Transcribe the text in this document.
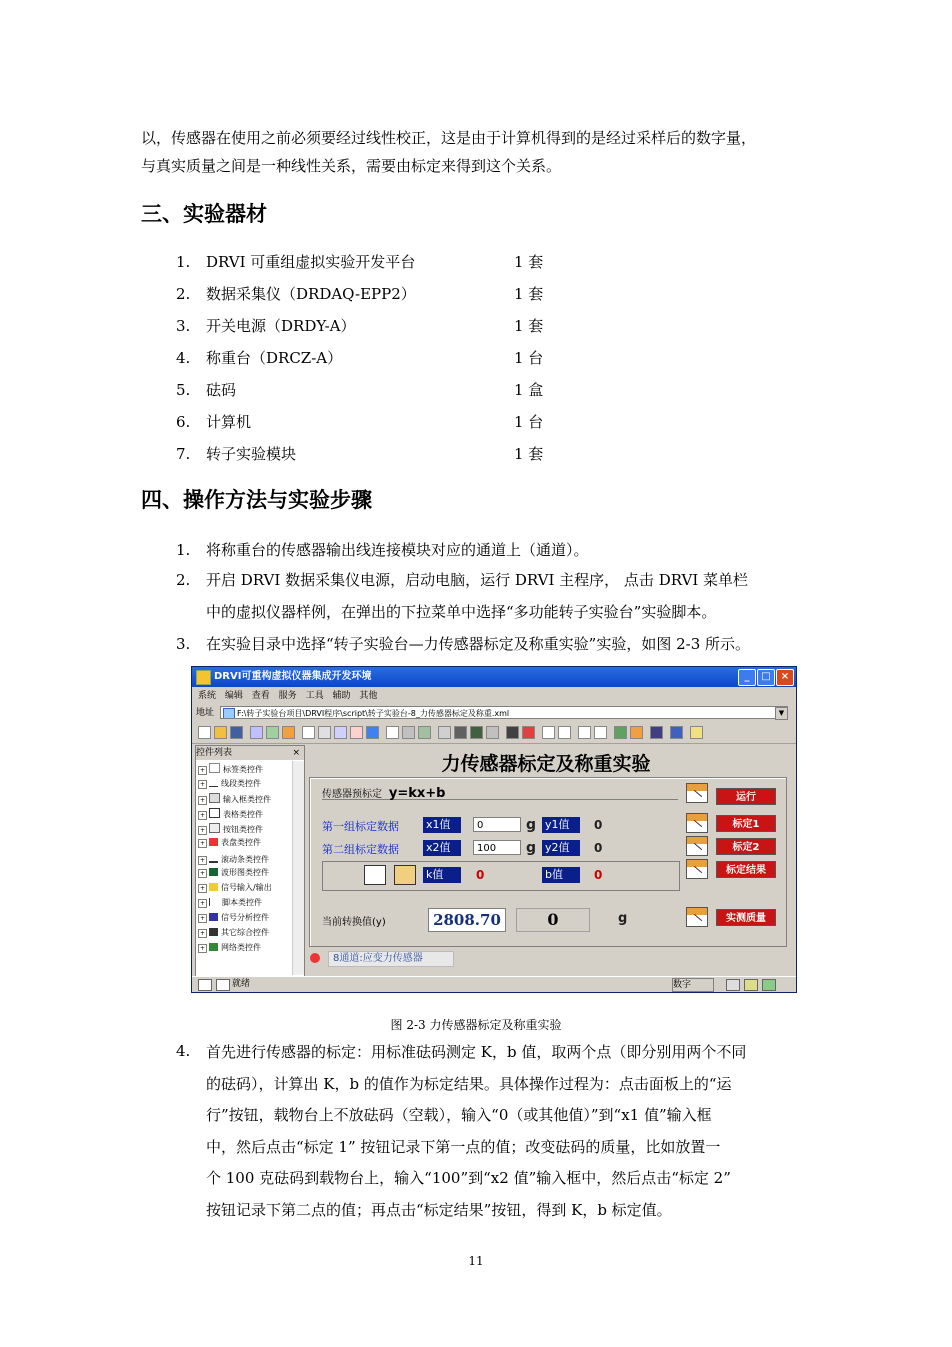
以，传感器在使用之前必须要经过线性校正，这是由于计算机得到的是经过采样后的数字量，
与真实质量之间是一种线性关系，需要由标定来得到这个关系。
三、实验器材
1.	DRVI 可重组虚拟实验开发平台	1 套
2.	数据采集仪（DRDAQ-EPP2）	1 套
3.	开关电源（DRDY-A）	1 套
4.	称重台（DRCZ-A）	1 台
5.	砝码	1 盒
6.	计算机	1 台
7.	转子实验模块	1 套
四、操作方法与实验步骤
1.	将称重台的传感器输出线连接模块对应的通道上（通道）。
2.	开启 DRVI 数据采集仪电源，启动电脑，运行 DRVI 主程序， 点击 DRVI 菜单栏
中的虚拟仪器样例，在弹出的下拉菜单中选择“多功能转子实验台”实验脚本。
3.	在实验目录中选择“转子实验台—力传感器标定及称重实验”实验，如图 2-3 所示。
DRVI可重构虚拟仪器集成开发环境	_	□	×
系统 编辑 查看 服务 工具 辅助 其他
地址	F:\转子实验台项目\DRVI程序\script\转子实验台-8_力传感器标定及称重.xml	▼
控件列表	×
+ 标签类控件
+ 线段类控件
+ 输入框类控件
+ 表格类控件
+ 按钮类控件
+ 表盘类控件
+ 滚动条类控件
+ 波形图类控件
+ 信号输入/输出
+ 脚本类控件
+ 信号分析控件
+ 其它综合控件
+ 网络类控件
力传感器标定及称重实验
传感器预标定 y=kx+b
第一组标定数据 x1值	0	g y1值	0
第二组标定数据 x2值	100	g y2值	0
k值	0	b值	0
当前转换值(y)	2808.70	0	g
运行
标定1
标定2
标定结果
实测质量
8通道:应变力传感器
就绪	数字
图 2-3 力传感器标定及称重实验
4. 首先进行传感器的标定：用标准砝码测定 K，b 值，取两个点（即分别用两个不同
的砝码），计算出 K，b 的值作为标定结果。具体操作过程为：点击面板上的“运
行”按钮，载物台上不放砝码（空载），输入“0（或其他值）”到“x1 值”输入框
中，然后点击“标定 1” 按钮记录下第一点的值；改变砝码的质量，比如放置一
个 100 克砝码到载物台上，输入“100”到“x2 值”输入框中，然后点击“标定 2”
按钮记录下第二点的值；再点击“标定结果”按钮，得到 K，b 标定值。
11
